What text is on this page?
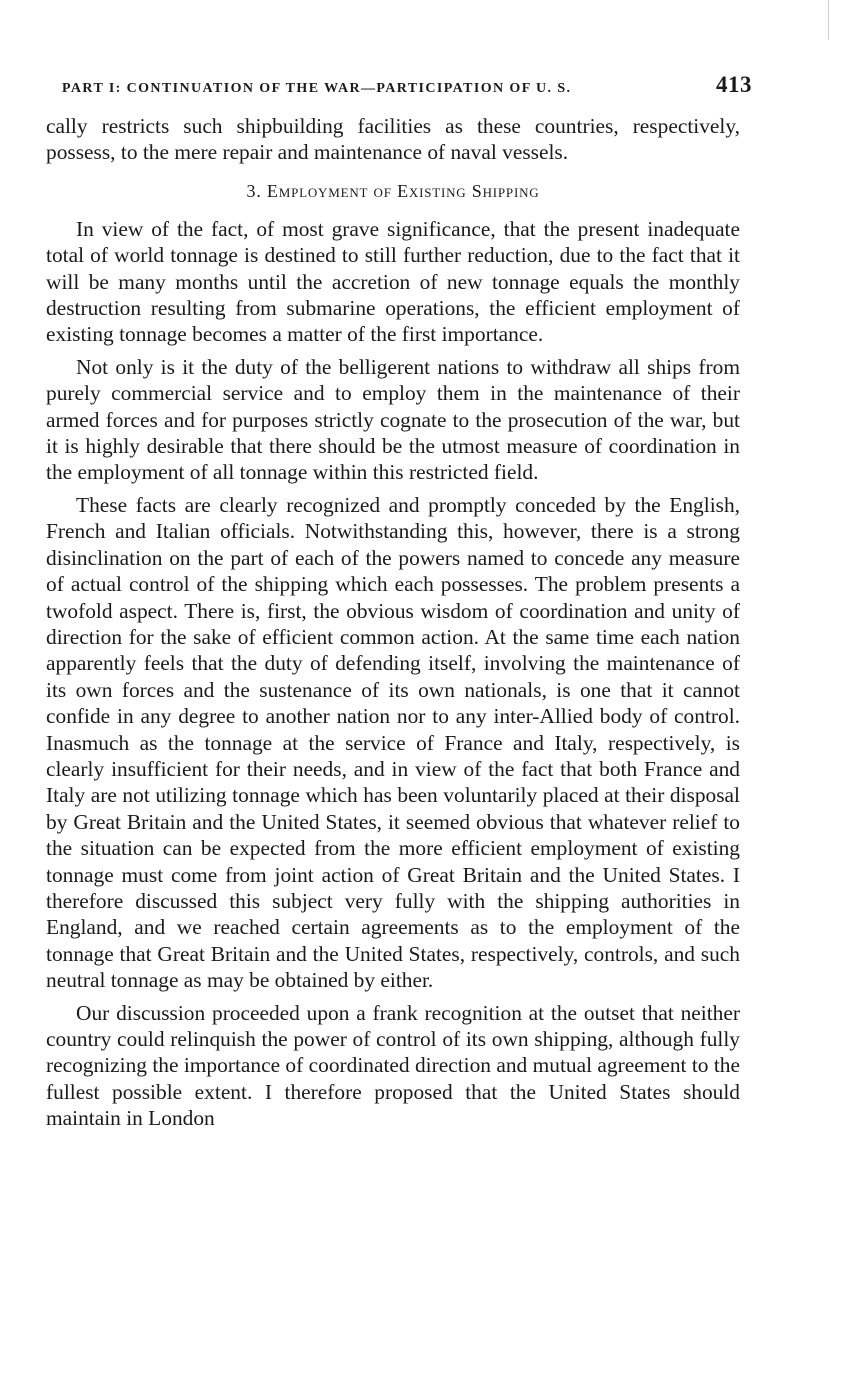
PART I: CONTINUATION OF THE WAR—PARTICIPATION OF U. S.	413

cally restricts such shipbuilding facilities as these countries, respectively, possess, to the mere repair and maintenance of naval vessels.

3. Employment of Existing Shipping

In view of the fact, of most grave significance, that the present inadequate total of world tonnage is destined to still further reduction, due to the fact that it will be many months until the accretion of new tonnage equals the monthly destruction resulting from submarine operations, the efficient employment of existing tonnage becomes a matter of the first importance.

Not only is it the duty of the belligerent nations to withdraw all ships from purely commercial service and to employ them in the maintenance of their armed forces and for purposes strictly cognate to the prosecution of the war, but it is highly desirable that there should be the utmost measure of coordination in the employment of all tonnage within this restricted field.

These facts are clearly recognized and promptly conceded by the English, French and Italian officials. Notwithstanding this, however, there is a strong disinclination on the part of each of the powers named to concede any measure of actual control of the shipping which each possesses. The problem presents a twofold aspect. There is, first, the obvious wisdom of coordination and unity of direction for the sake of efficient common action. At the same time each nation apparently feels that the duty of defending itself, involving the maintenance of its own forces and the sustenance of its own nationals, is one that it cannot confide in any degree to another nation nor to any inter-Allied body of control. Inasmuch as the tonnage at the service of France and Italy, respectively, is clearly insufficient for their needs, and in view of the fact that both France and Italy are not utilizing tonnage which has been voluntarily placed at their disposal by Great Britain and the United States, it seemed obvious that whatever relief to the situation can be expected from the more efficient employment of existing tonnage must come from joint action of Great Britain and the United States. I therefore discussed this subject very fully with the shipping authorities in England, and we reached certain agreements as to the employment of the tonnage that Great Britain and the United States, respectively, controls, and such neutral tonnage as may be obtained by either.

Our discussion proceeded upon a frank recognition at the outset that neither country could relinquish the power of control of its own shipping, although fully recognizing the importance of coordinated direction and mutual agreement to the fullest possible extent. I therefore proposed that the United States should maintain in London
